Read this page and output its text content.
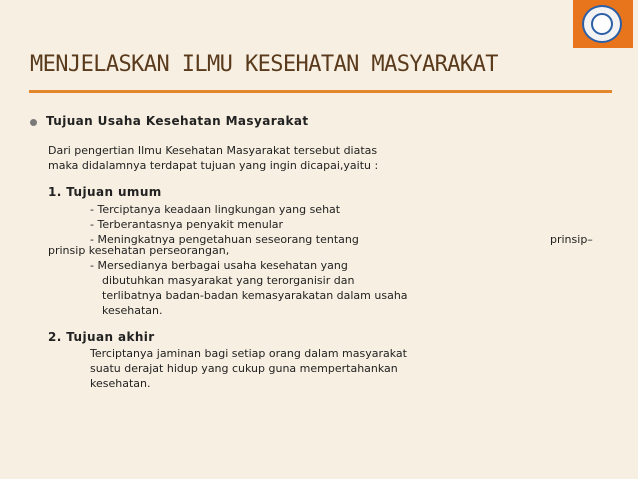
MENJELASKAN ILMU KESEHATAN MASYARAKAT
Tujuan Usaha Kesehatan Masyarakat
Dari pengertian Ilmu Kesehatan Masyarakat tersebut diatas
maka didalamnya terdapat tujuan yang ingin dicapai,yaitu :
1. Tujuan umum
- Terciptanya keadaan lingkungan yang sehat
- Terberantasnya penyakit menular
- Meningkatnya pengetahuan seseorang tentang	prinsip–
prinsip kesehatan perseorangan,
- Mersedianya berbagai usaha kesehatan yang
dibutuhkan masyarakat yang terorganisir dan
terlibatnya badan-badan kemasyarakatan dalam usaha
kesehatan.
2. Tujuan akhir
Terciptanya jaminan bagi setiap orang dalam masyarakat
suatu derajat hidup yang cukup guna mempertahankan
kesehatan.
